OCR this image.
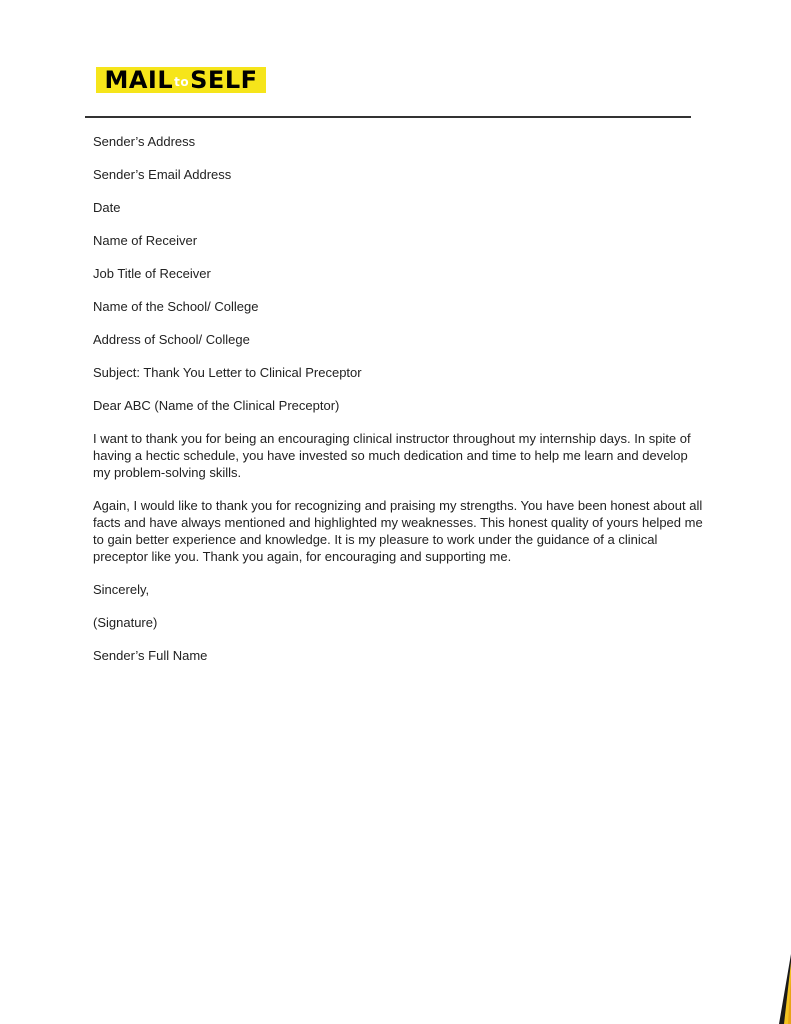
MAIL to SELF
Sender’s Address
Sender’s Email Address
Date
Name of Receiver
Job Title of Receiver
Name of the School/ College
Address of School/ College
Subject: Thank You Letter to Clinical Preceptor
Dear ABC (Name of the Clinical Preceptor)
I want to thank you for being an encouraging clinical instructor throughout my internship days. In spite of having a hectic schedule, you have invested so much dedication and time to help me learn and develop my problem-solving skills.
Again, I would like to thank you for recognizing and praising my strengths. You have been honest about all facts and have always mentioned and highlighted my weaknesses. This honest quality of yours helped me to gain better experience and knowledge. It is my pleasure to work under the guidance of a clinical preceptor like you. Thank you again, for encouraging and supporting me.
Sincerely,
(Signature)
Sender’s Full Name
